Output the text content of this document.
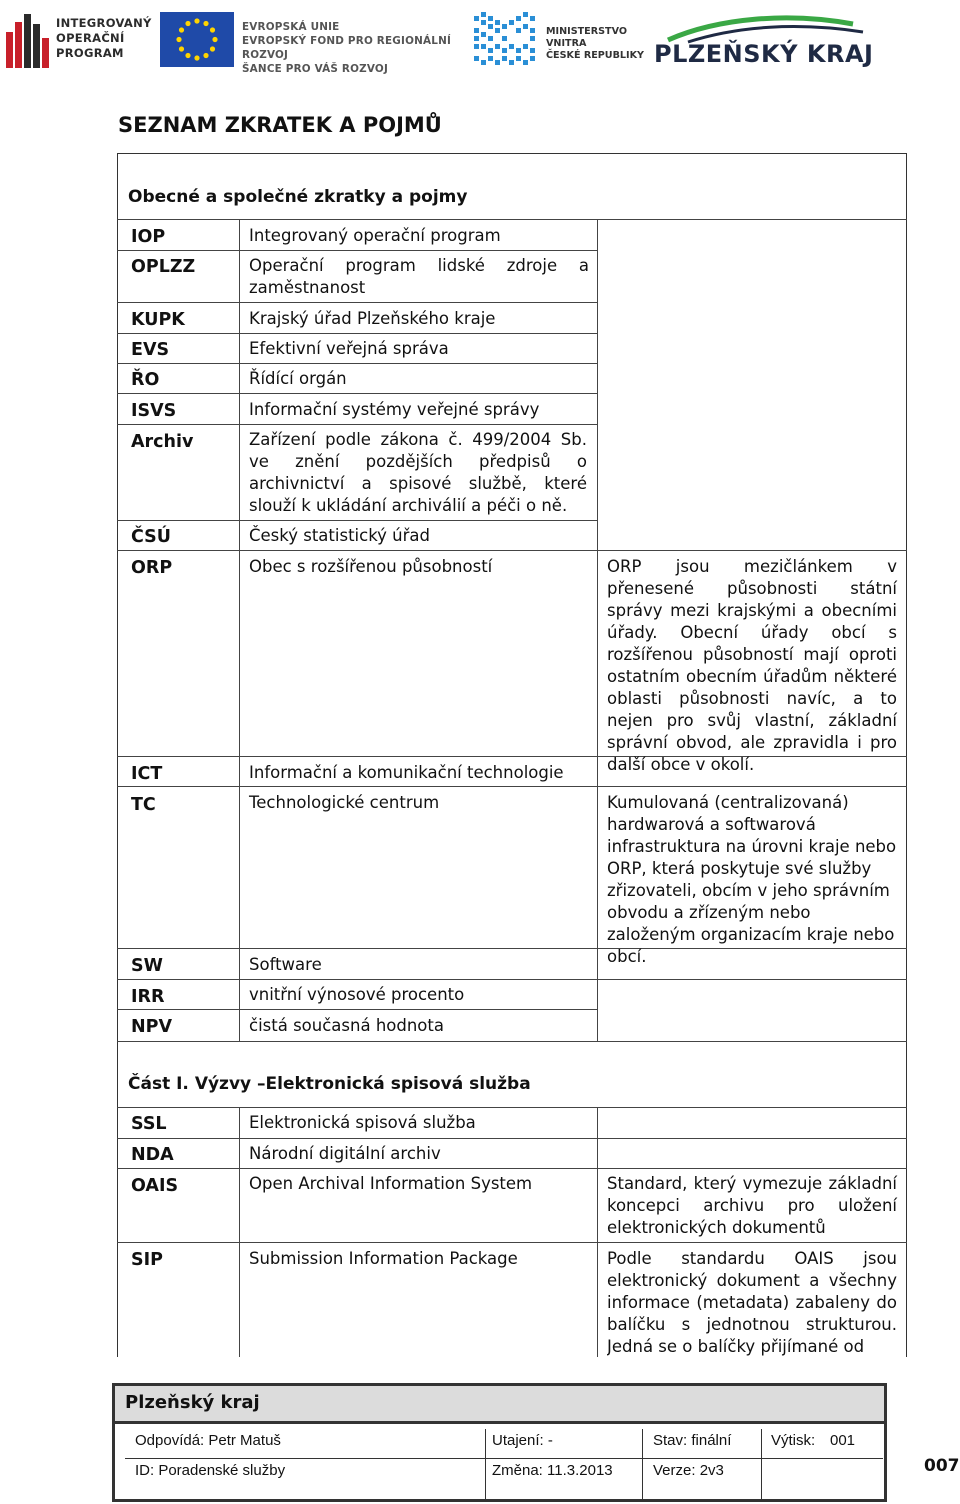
INTEGROVANÝ
OPERAČNÍ
PROGRAM
EVROPSKÁ UNIE
EVROPSKÝ FOND PRO REGIONÁLNÍ ROZVOJ
ŠANCE PRO VÁŠ ROZVOJ
MINISTERSTVO VNITRA
ČESKÉ REPUBLIKY PLZEŇSKÝ KRAJ
SEZNAM ZKRATEK A POJMŮ
Obecné a společné zkratky a pojmy
IOP	Integrovaný operační program
OPLZZ	Operační program lidské zdroje a zaměstnanost
KUPK	Krajský úřad Plzeňského kraje
EVS	Efektivní veřejná správa
ŘO	Řídící orgán
ISVS	Informační systémy veřejné správy
Archiv	Zařízení podle zákona č. 499/2004 Sb. ve znění pozdějších předpisů o archivnictví a spisové službě, které slouží k ukládání archiválií a péči o ně.
ČSÚ	Český statistický úřad
ORP	Obec s rozšířenou působností	ORP jsou mezičlánkem v přenesené působnosti státní správy mezi krajskými a obecními úřady. Obecní úřady obcí s rozšířenou působností mají oproti ostatním obecním úřadům některé oblasti působnosti navíc, a to nejen pro svůj vlastní, základní správní obvod, ale zpravidla i pro další obce v okolí.
ICT	Informační a komunikační technologie
TC	Technologické centrum	Kumulovaná (centralizovaná) hardwarová a softwarová infrastruktura na úrovni kraje nebo ORP, která poskytuje své služby zřizovateli, obcím v jeho správním obvodu a zřízeným nebo založeným organizacím kraje nebo obcí.
SW	Software
IRR	vnitřní výnosové procento
NPV	čistá současná hodnota
Část I. Výzvy –Elektronická spisová služba
SSL	Elektronická spisová služba
NDA	Národní digitální archiv
OAIS	Open Archival Information System	Standard, který vymezuje základní koncepci archivu pro uložení elektronických dokumentů
SIP	Submission Information Package	Podle standardu OAIS jsou elektronický dokument a všechny informace (metadata) zabaleny do balíčku s jednotnou strukturou. Jedná se o balíčky přijímané od
Plzeňský kraj
Odpovídá: Petr Matuš	Utajení: -	Stav: finální	Výtisk: 001
ID: Poradenské služby	Změna: 11.3.2013	Verze: 2v3	007
